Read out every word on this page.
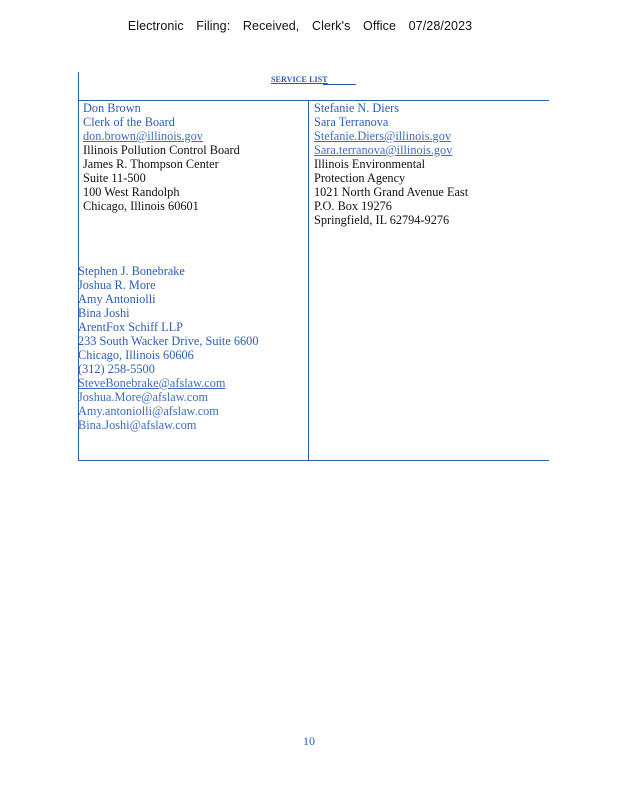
Electronic Filing: Received, Clerk's Office 07/28/2023
SERVICE LIST
Don Brown
Clerk of the Board
don.brown@illinois.gov
Illinois Pollution Control Board
James R. Thompson Center
Suite 11-500
100 West Randolph
Chicago, Illinois 60601
Stefanie N. Diers
Sara Terranova
Stefanie.Diers@illinois.gov
Sara.terranova@illinois.gov
Illinois Environmental
Protection Agency
1021 North Grand Avenue East
P.O. Box 19276
Springfield, IL 62794-9276
Stephen J. Bonebrake
Joshua R. More
Amy Antoniolli
Bina Joshi
ArentFox Schiff LLP
233 South Wacker Drive, Suite 6600
Chicago, Illinois 60606
(312) 258-5500
SteveBonebrake@afslaw.com
Joshua.More@afslaw.com
Amy.antoniolli@afslaw.com
Bina.Joshi@afslaw.com
10
